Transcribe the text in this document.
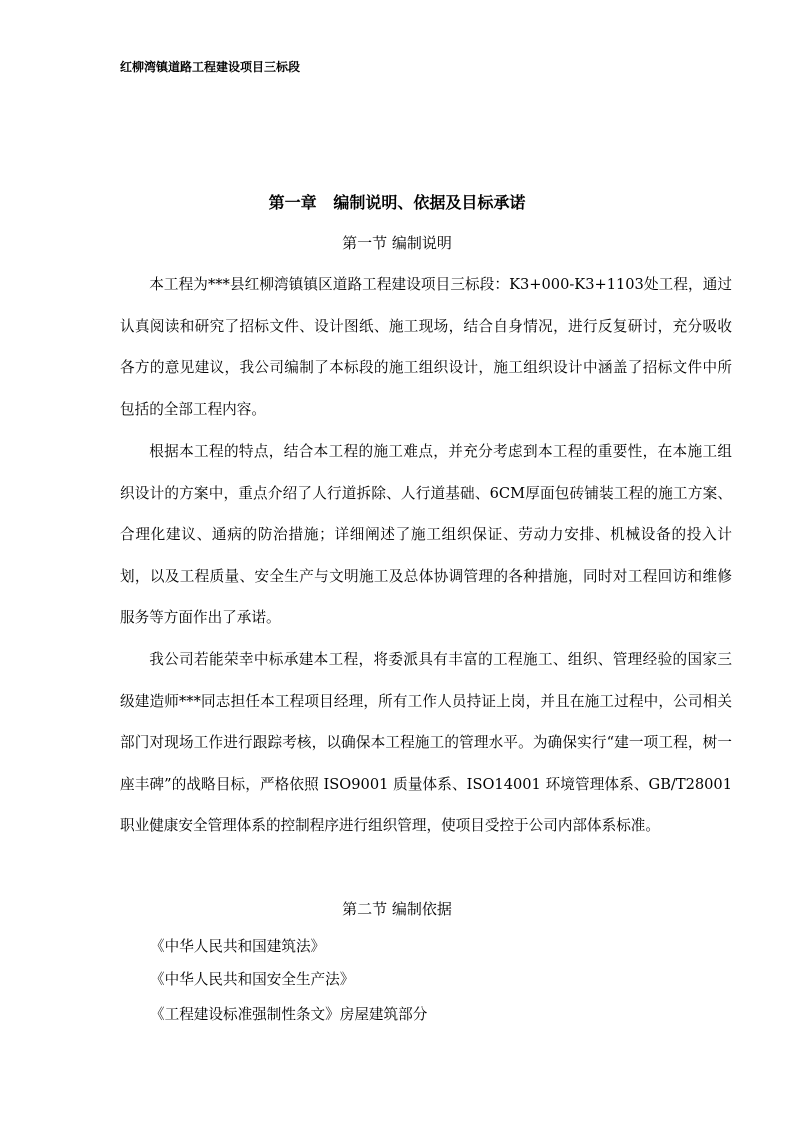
红柳湾镇道路工程建设项目三标段
第一章   编制说明、依据及目标承诺
第一节 编制说明

本工程为***县红柳湾镇镇区道路工程建设项目三标段：K3+000-K3+1103处工程，通过认真阅读和研究了招标文件、设计图纸、施工现场，结合自身情况，进行反复研讨，充分吸收各方的意见建议，我公司编制了本标段的施工组织设计，施工组织设计中涵盖了招标文件中所包括的全部工程内容。

根据本工程的特点，结合本工程的施工难点，并充分考虑到本工程的重要性，在本施工组织设计的方案中，重点介绍了人行道拆除、人行道基础、6CM厚面包砖铺装工程的施工方案、合理化建议、通病的防治措施；详细阐述了施工组织保证、劳动力安排、机械设备的投入计划，以及工程质量、安全生产与文明施工及总体协调管理的各种措施，同时对工程回访和维修服务等方面作出了承诺。

我公司若能荣幸中标承建本工程，将委派具有丰富的工程施工、组织、管理经验的国家三级建造师***同志担任本工程项目经理，所有工作人员持证上岗，并且在施工过程中，公司相关部门对现场工作进行跟踪考核，以确保本工程施工的管理水平。为确保实行“建一项工程，树一座丰碑”的战略目标，严格依照 ISO9001 质量体系、ISO14001 环境管理体系、GB/T28001 职业健康安全管理体系的控制程序进行组织管理，使项目受控于公司内部体系标准。

第二节 编制依据
《中华人民共和国建筑法》
《中华人民共和国安全生产法》
《工程建设标准强制性条文》房屋建筑部分
